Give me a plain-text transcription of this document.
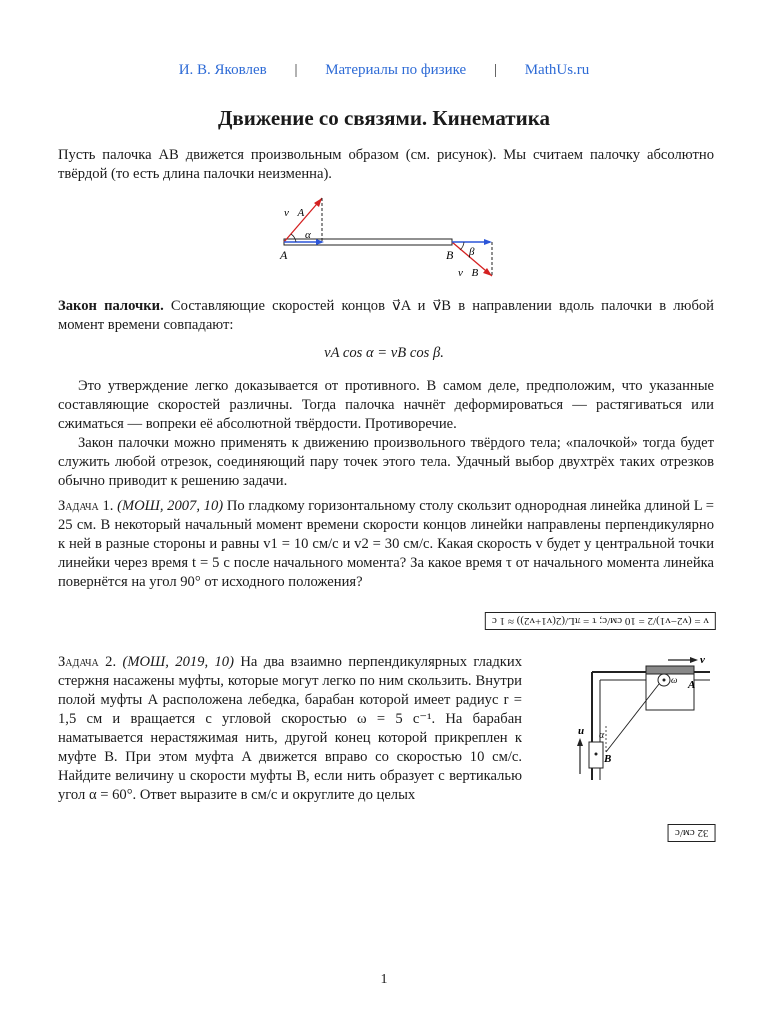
И. В. Яковлев | Материалы по физике | MathUs.ru
Движение со связями. Кинематика
Пусть палочка AB движется произвольным образом (см. рисунок). Мы считаем палочку абсолютно твёрдой (то есть длина палочки неизменна).
A	B
v⃗A
v⃗B
α
β
Закон палочки. Составляющие скоростей концов v⃗A и v⃗B в направлении вдоль палочки в любой момент времени совпадают:
vA cos α = vB cos β.
Это утверждение легко доказывается от противного. В самом деле, предположим, что указанные составляющие скоростей различны. Тогда палочка начнёт деформироваться — растягиваться или сжиматься — вопреки её абсолютной твёрдости. Противоречие.
Закон палочки можно применять к движению произвольного твёрдого тела; «палочкой» тогда будет служить любой отрезок, соединяющий пару точек этого тела. Удачный выбор двухтрёх таких отрезков обычно приводит к решению задачи.
Задача 1. (МОШ, 2007, 10) По гладкому горизонтальному столу скользит однородная линейка длиной L = 25 см. В некоторый начальный момент времени скорости концов линейки направлены перпендикулярно к ней в разные стороны и равны v1 = 10 см/с и v2 = 30 см/с. Какая скорость v будет у центральной точки линейки через время t = 5 с после начального момента? За какое время τ от начального момента линейка повернётся на угол 90° от исходного положения?
v = (v2−v1)/2 = 10 см/с; τ = πL/(2(v1+v2)) ≈ 1 с
Задача 2. (МОШ, 2019, 10) На два взаимно перпендикулярных гладких стержня насажены муфты, которые могут легко по ним скользить. Внутри полой муфты A расположена лебедка, барабан которой имеет радиус r = 1,5 см и вращается с угловой скоростью ω = 5 с⁻¹. На барабан наматывается нерастяжимая нить, другой конец которой прикреплен к муфте B. При этом муфта A движется вправо со скоростью 10 см/с. Найдите величину u скорости муфты B, если нить образует с вертикалью угол α = 60°. Ответ выразите в см/с и округлите до целых
v
u
A
B
α
ω
32 см/с
1
